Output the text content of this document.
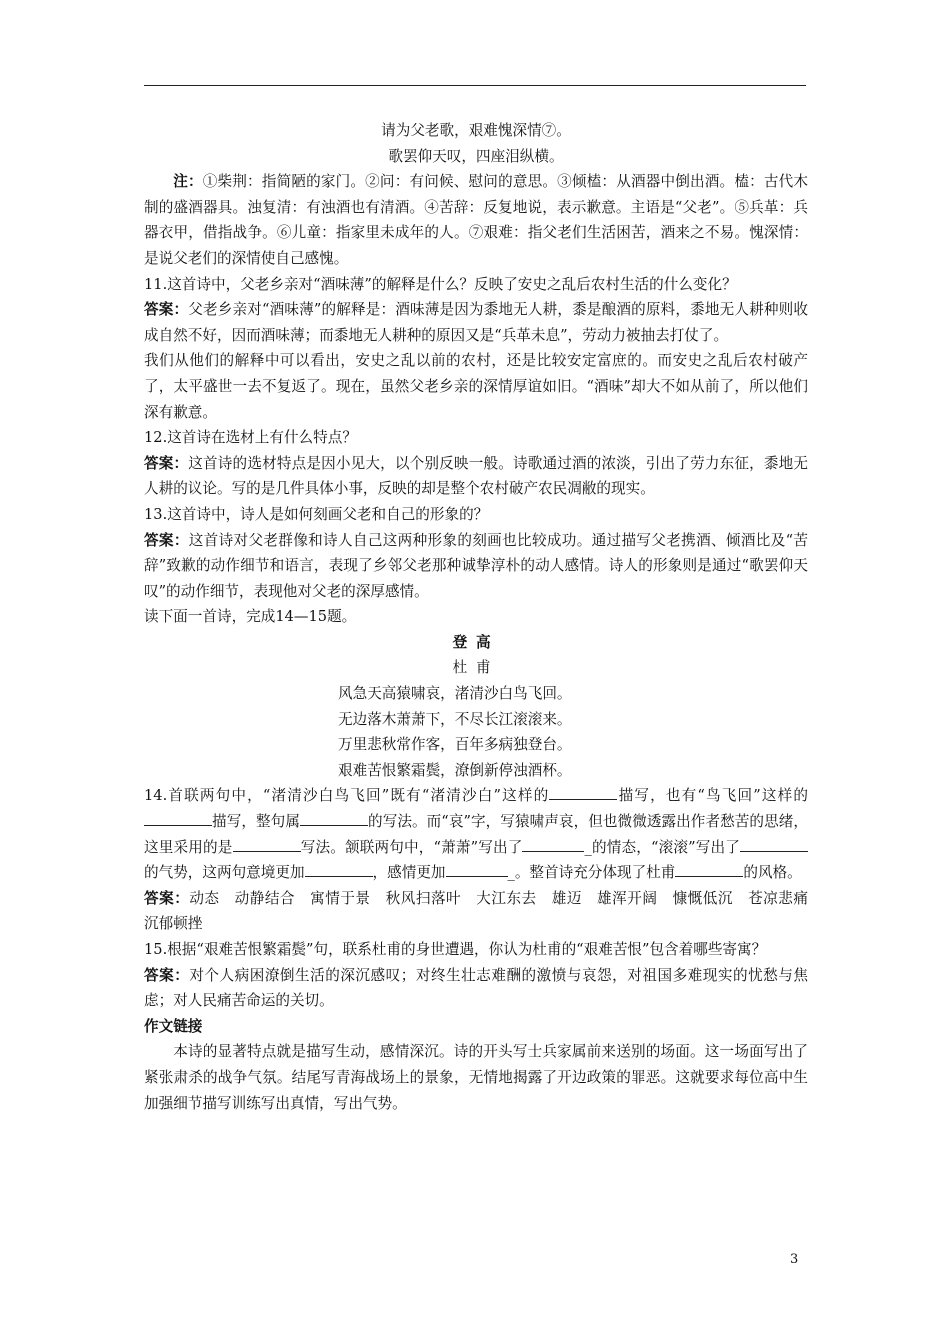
请为父老歌，艰难愧深情⑦。

歌罢仰天叹，四座泪纵横。

注：①柴荆：指简陋的家门。②问：有问候、慰问的意思。③倾榼：从酒器中倒出酒。榼：古代木制的盛酒器具。浊复清：有浊酒也有清酒。④苦辞：反复地说，表示歉意。主语是“父老”。⑤兵革：兵器衣甲，借指战争。⑥儿童：指家里未成年的人。⑦艰难：指父老们生活困苦，酒来之不易。愧深情：是说父老们的深情使自己感愧。

11.这首诗中，父老乡亲对“酒味薄”的解释是什么？反映了安史之乱后农村生活的什么变化？

答案：父老乡亲对“酒味薄”的解释是：酒味薄是因为黍地无人耕，黍是酿酒的原料，黍地无人耕种则收成自然不好，因而酒味薄；而黍地无人耕种的原因又是“兵革未息”，劳动力被抽去打仗了。

我们从他们的解释中可以看出，安史之乱以前的农村，还是比较安定富庶的。而安史之乱后农村破产了，太平盛世一去不复返了。现在，虽然父老乡亲的深情厚谊如旧。“酒味”却大不如从前了，所以他们深有歉意。

12.这首诗在选材上有什么特点？

答案：这首诗的选材特点是因小见大，以个别反映一般。诗歌通过酒的浓淡，引出了劳力东征，黍地无人耕的议论。写的是几件具体小事，反映的却是整个农村破产农民凋敝的现实。

13.这首诗中，诗人是如何刻画父老和自己的形象的？

答案：这首诗对父老群像和诗人自己这两种形象的刻画也比较成功。通过描写父老携酒、倾酒比及“苦辞”致歉的动作细节和语言，表现了乡邻父老那种诚挚淳朴的动人感情。诗人的形象则是通过“歌罢仰天叹”的动作细节，表现他对父老的深厚感情。

读下面一首诗，完成14—15题。

登高

杜甫

风急天高猿啸哀，渚清沙白鸟飞回。

无边落木萧萧下，不尽长江滚滚来。

万里悲秋常作客，百年多病独登台。

艰难苦恨繁霜鬓，潦倒新停浊酒杯。

14.首联两句中，“渚清沙白鸟飞回”既有“渚清沙白”这样的	描写，也有“鸟飞回”这样的描写，整句属	的写法。而“哀”字，写猿啸声哀，但也微微透露出作者愁苦的思绪，这里采用的是	写法。颔联两句中，“萧萧”写出了	_的情态，“滚滚”写出了的气势，这两句意境更加	，感情更加	_。整首诗充分体现了杜甫	的风格。

答案：动态　动静结合　寓情于景　秋风扫落叶　大江东去　雄迈　雄浑开阔　慷慨低沉　苍凉悲痛　沉郁顿挫

15.根据“艰难苦恨繁霜鬓”句，联系杜甫的身世遭遇，你认为杜甫的“艰难苦恨”包含着哪些寄寓？

答案：对个人病困潦倒生活的深沉感叹；对终生壮志难酬的激愤与哀怨，对祖国多难现实的忧愁与焦虑；对人民痛苦命运的关切。

作文链接

本诗的显著特点就是描写生动，感情深沉。诗的开头写士兵家属前来送别的场面。这一场面写出了紧张肃杀的战争气氛。结尾写青海战场上的景象，无情地揭露了开边政策的罪恶。这就要求每位高中生加强细节描写训练写出真情，写出气势。

3
